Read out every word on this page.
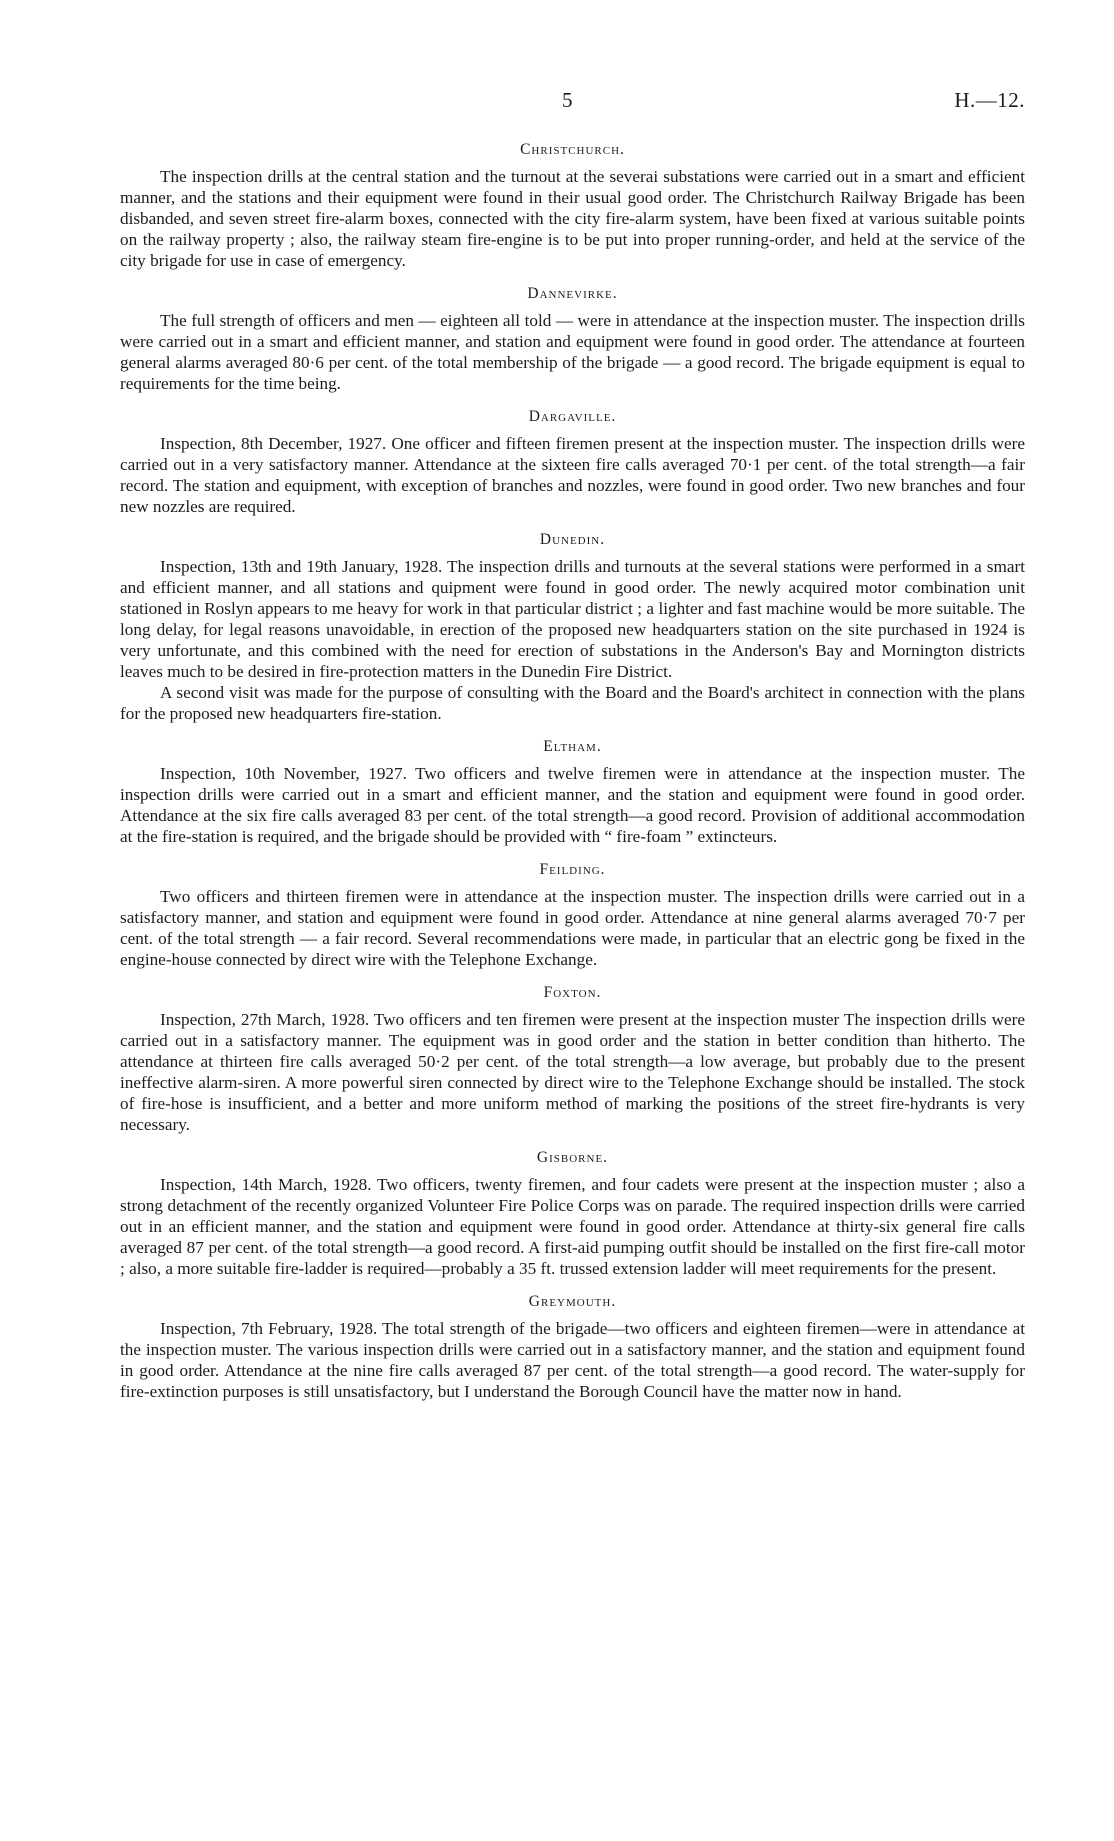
5	H.—12.
Christchurch.

The inspection drills at the central station and the turnout at the severai substations were carried out in a smart and efficient manner, and the stations and their equipment were found in their usual good order. The Christchurch Railway Brigade has been disbanded, and seven street fire-alarm boxes, connected with the city fire-alarm system, have been fixed at various suitable points on the railway property ; also, the railway steam fire-engine is to be put into proper running-order, and held at the service of the city brigade for use in case of emergency.

Dannevirke.

The full strength of officers and men — eighteen all told — were in attendance at the inspection muster. The inspection drills were carried out in a smart and efficient manner, and station and equipment were found in good order. The attendance at fourteen general alarms averaged 80·6 per cent. of the total membership of the brigade — a good record. The brigade equipment is equal to requirements for the time being.

Dargaville.

Inspection, 8th December, 1927. One officer and fifteen firemen present at the inspection muster. The inspection drills were carried out in a very satisfactory manner. Attendance at the sixteen fire calls averaged 70·1 per cent. of the total strength—a fair record. The station and equipment, with exception of branches and nozzles, were found in good order. Two new branches and four new nozzles are required.

Dunedin.

Inspection, 13th and 19th January, 1928. The inspection drills and turnouts at the several stations were performed in a smart and efficient manner, and all stations and quipment were found in good order. The newly acquired motor combination unit stationed in Roslyn appears to me heavy for work in that particular district ; a lighter and fast machine would be more suitable. The long delay, for legal reasons unavoidable, in erection of the proposed new headquarters station on the site purchased in 1924 is very unfortunate, and this combined with the need for erection of substations in the Anderson's Bay and Mornington districts leaves much to be desired in fire-protection matters in the Dunedin Fire District.

A second visit was made for the purpose of consulting with the Board and the Board's architect in connection with the plans for the proposed new headquarters fire-station.

Eltham.

Inspection, 10th November, 1927. Two officers and twelve firemen were in attendance at the inspection muster. The inspection drills were carried out in a smart and efficient manner, and the station and equipment were found in good order. Attendance at the six fire calls averaged 83 per cent. of the total strength—a good record. Provision of additional accommodation at the fire-station is required, and the brigade should be provided with “ fire-foam ” extincteurs.

Feilding.

Two officers and thirteen firemen were in attendance at the inspection muster. The inspection drills were carried out in a satisfactory manner, and station and equipment were found in good order. Attendance at nine general alarms averaged 70·7 per cent. of the total strength — a fair record. Several recommendations were made, in particular that an electric gong be fixed in the engine-house connected by direct wire with the Telephone Exchange.

Foxton.

Inspection, 27th March, 1928. Two officers and ten firemen were present at the inspection muster The inspection drills were carried out in a satisfactory manner. The equipment was in good order and the station in better condition than hitherto. The attendance at thirteen fire calls averaged 50·2 per cent. of the total strength—a low average, but probably due to the present ineffective alarm-siren. A more powerful siren connected by direct wire to the Telephone Exchange should be installed. The stock of fire-hose is insufficient, and a better and more uniform method of marking the positions of the street fire-hydrants is very necessary.

Gisborne.

Inspection, 14th March, 1928. Two officers, twenty firemen, and four cadets were present at the inspection muster ; also a strong detachment of the recently organized Volunteer Fire Police Corps was on parade. The required inspection drills were carried out in an efficient manner, and the station and equipment were found in good order. Attendance at thirty-six general fire calls averaged 87 per cent. of the total strength—a good record. A first-aid pumping outfit should be installed on the first fire-call motor ; also, a more suitable fire-ladder is required—probably a 35 ft. trussed extension ladder will meet requirements for the present.

Greymouth.

Inspection, 7th February, 1928. The total strength of the brigade—two officers and eighteen firemen—were in attendance at the inspection muster. The various inspection drills were carried out in a satisfactory manner, and the station and equipment found in good order. Attendance at the nine fire calls averaged 87 per cent. of the total strength—a good record. The water-supply for fire-extinction purposes is still unsatisfactory, but I understand the Borough Council have the matter now in hand.
